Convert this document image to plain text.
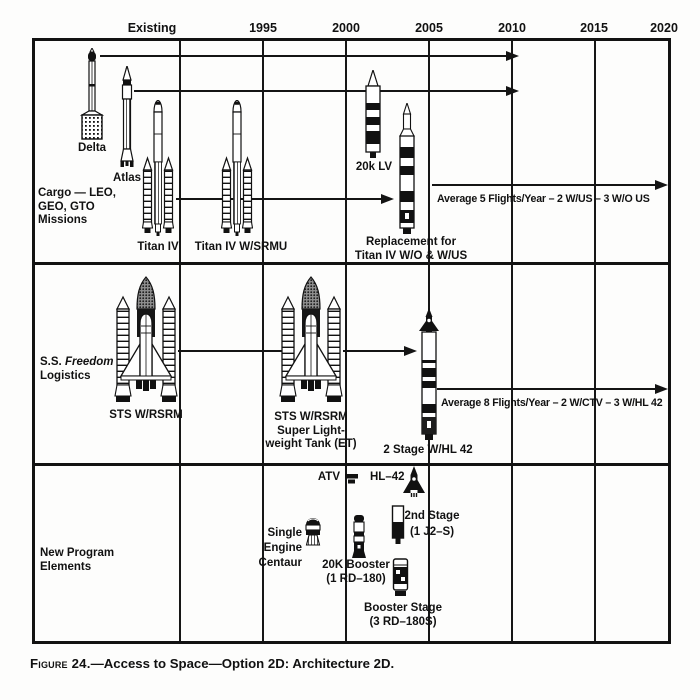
Existing	1995	2000	2005	2010	2015	2020
Cargo — LEO,
GEO, GTO
Missions
Average 5 Flights/Year – 2 W/US – 3 W/O US
Delta
Atlas
Titan IV Titan IV W/SRMU
20k LV
Replacement for
Titan IV W/O & W/US
S.S. Freedom
Logistics
Average 8 Flights/Year – 2 W/CTV – 3 W/HL 42
STS W/RSRM	STS W/RSRM
Super Light-
weight Tank (ET) 2 Stage W/HL 42
New Program
Elements
ATV	HL–42
Single
Engine
Centaur 20K Booster
(1 RD–180)
2nd Stage
(1 J2–S)
Booster Stage
(3 RD–180S)
Figure 24.—Access to Space—Option 2D: Architecture 2D.
